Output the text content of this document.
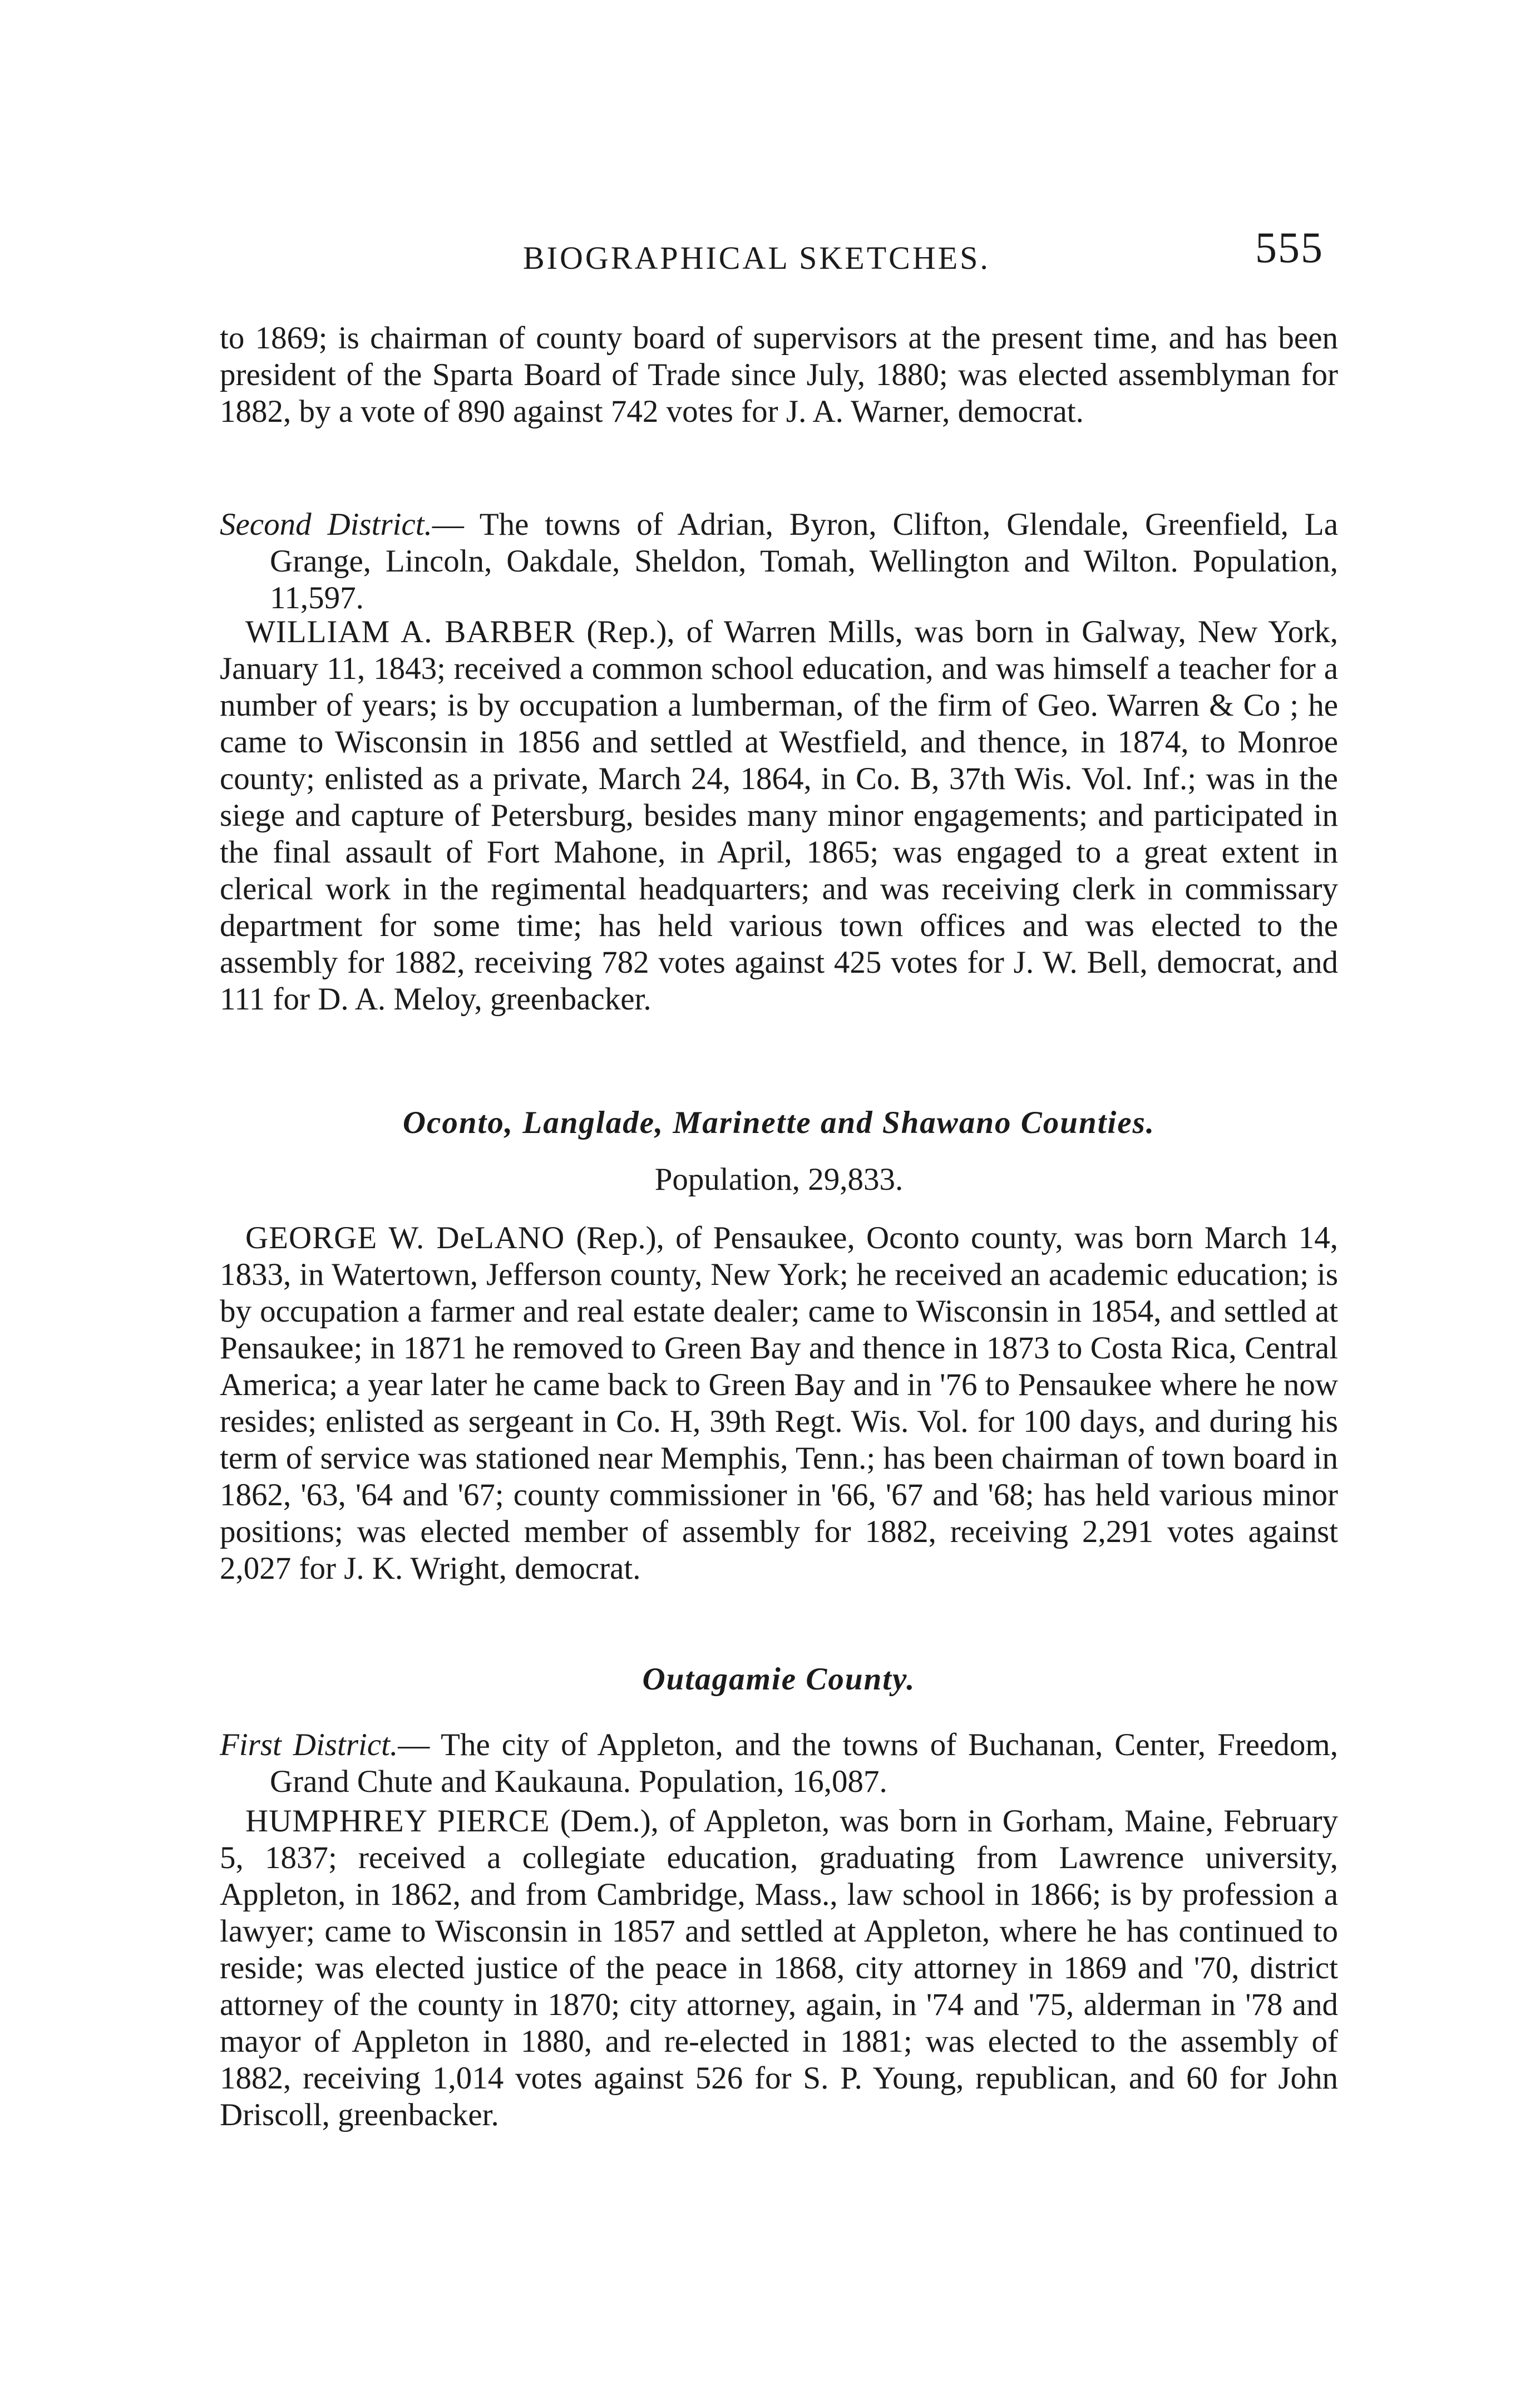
BIOGRAPHICAL SKETCHES.	555

to 1869; is chairman of county board of supervisors at the present time, and has been president of the Sparta Board of Trade since July, 1880; was elected assemblyman for 1882, by a vote of 890 against 742 votes for J. A. Warner, democrat.

Second District.— The towns of Adrian, Byron, Clifton, Glendale, Greenfield, La Grange, Lincoln, Oakdale, Sheldon, Tomah, Wellington and Wilton. Population, 11,597.

WILLIAM A. BARBER (Rep.), of Warren Mills, was born in Galway, New York, January 11, 1843; received a common school education, and was himself a teacher for a number of years; is by occupation a lumberman, of the firm of Geo. Warren & Co ; he came to Wisconsin in 1856 and settled at Westfield, and thence, in 1874, to Monroe county; enlisted as a private, March 24, 1864, in Co. B, 37th Wis. Vol. Inf.; was in the siege and capture of Petersburg, besides many minor engagements; and participated in the final assault of Fort Mahone, in April, 1865; was engaged to a great extent in clerical work in the regimental headquarters; and was receiving clerk in commissary department for some time; has held various town offices and was elected to the assembly for 1882, receiving 782 votes against 425 votes for J. W. Bell, democrat, and 111 for D. A. Meloy, greenbacker.

Oconto, Langlade, Marinette and Shawano Counties.

Population, 29,833.

GEORGE W. DeLANO (Rep.), of Pensaukee, Oconto county, was born March 14, 1833, in Watertown, Jefferson county, New York; he received an academic education; is by occupation a farmer and real estate dealer; came to Wisconsin in 1854, and settled at Pensaukee; in 1871 he removed to Green Bay and thence in 1873 to Costa Rica, Central America; a year later he came back to Green Bay and in '76 to Pensaukee where he now resides; enlisted as sergeant in Co. H, 39th Regt. Wis. Vol. for 100 days, and during his term of service was stationed near Memphis, Tenn.; has been chairman of town board in 1862, '63, '64 and '67; county commissioner in '66, '67 and '68; has held various minor positions; was elected member of assembly for 1882, receiving 2,291 votes against 2,027 for J. K. Wright, democrat.

Outagamie County.

First District.— The city of Appleton, and the towns of Buchanan, Center, Freedom, Grand Chute and Kaukauna. Population, 16,087.

HUMPHREY PIERCE (Dem.), of Appleton, was born in Gorham, Maine, February 5, 1837; received a collegiate education, graduating from Lawrence university, Appleton, in 1862, and from Cambridge, Mass., law school in 1866; is by profession a lawyer; came to Wisconsin in 1857 and settled at Appleton, where he has continued to reside; was elected justice of the peace in 1868, city attorney in 1869 and '70, district attorney of the county in 1870; city attorney, again, in '74 and '75, alderman in '78 and mayor of Appleton in 1880, and re-elected in 1881; was elected to the assembly of 1882, receiving 1,014 votes against 526 for S. P. Young, republican, and 60 for John Driscoll, greenbacker.
